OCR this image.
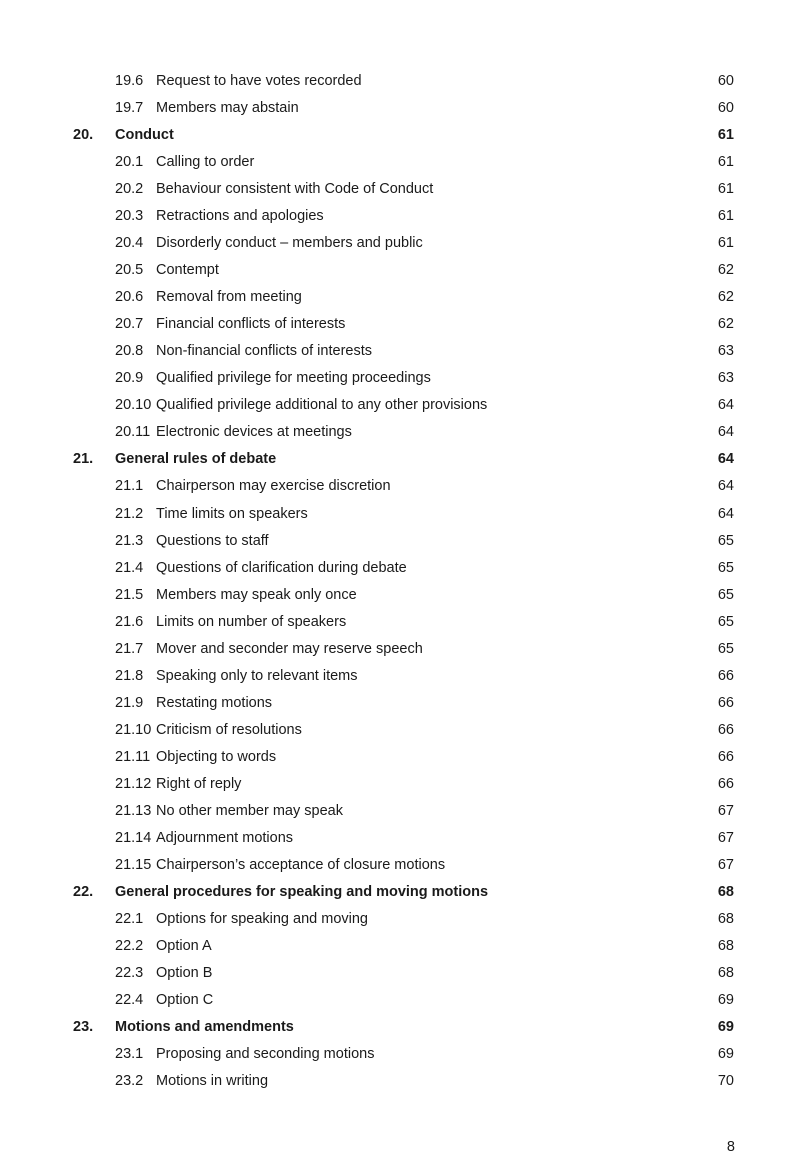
19.6 Request to have votes recorded	60
19.7 Members may abstain	60
20. Conduct	61
20.1 Calling to order	61
20.2 Behaviour consistent with Code of Conduct	61
20.3 Retractions and apologies	61
20.4 Disorderly conduct – members and public	61
20.5 Contempt	62
20.6 Removal from meeting	62
20.7 Financial conflicts of interests	62
20.8 Non-financial conflicts of interests	63
20.9 Qualified privilege for meeting proceedings	63
20.10 Qualified privilege additional to any other provisions	64
20.11 Electronic devices at meetings	64
21. General rules of debate	64
21.1 Chairperson may exercise discretion	64
21.2 Time limits on speakers	64
21.3 Questions to staff	65
21.4 Questions of clarification during debate	65
21.5 Members may speak only once	65
21.6 Limits on number of speakers	65
21.7 Mover and seconder may reserve speech	65
21.8 Speaking only to relevant items	66
21.9 Restating motions	66
21.10 Criticism of resolutions	66
21.11 Objecting to words	66
21.12 Right of reply	66
21.13 No other member may speak	67
21.14 Adjournment motions	67
21.15 Chairperson’s acceptance of closure motions	67
22. General procedures for speaking and moving motions	68
22.1 Options for speaking and moving	68
22.2 Option A	68
22.3 Option B	68
22.4 Option C	69
23. Motions and amendments	69
23.1 Proposing and seconding motions	69
23.2 Motions in writing	70
8
